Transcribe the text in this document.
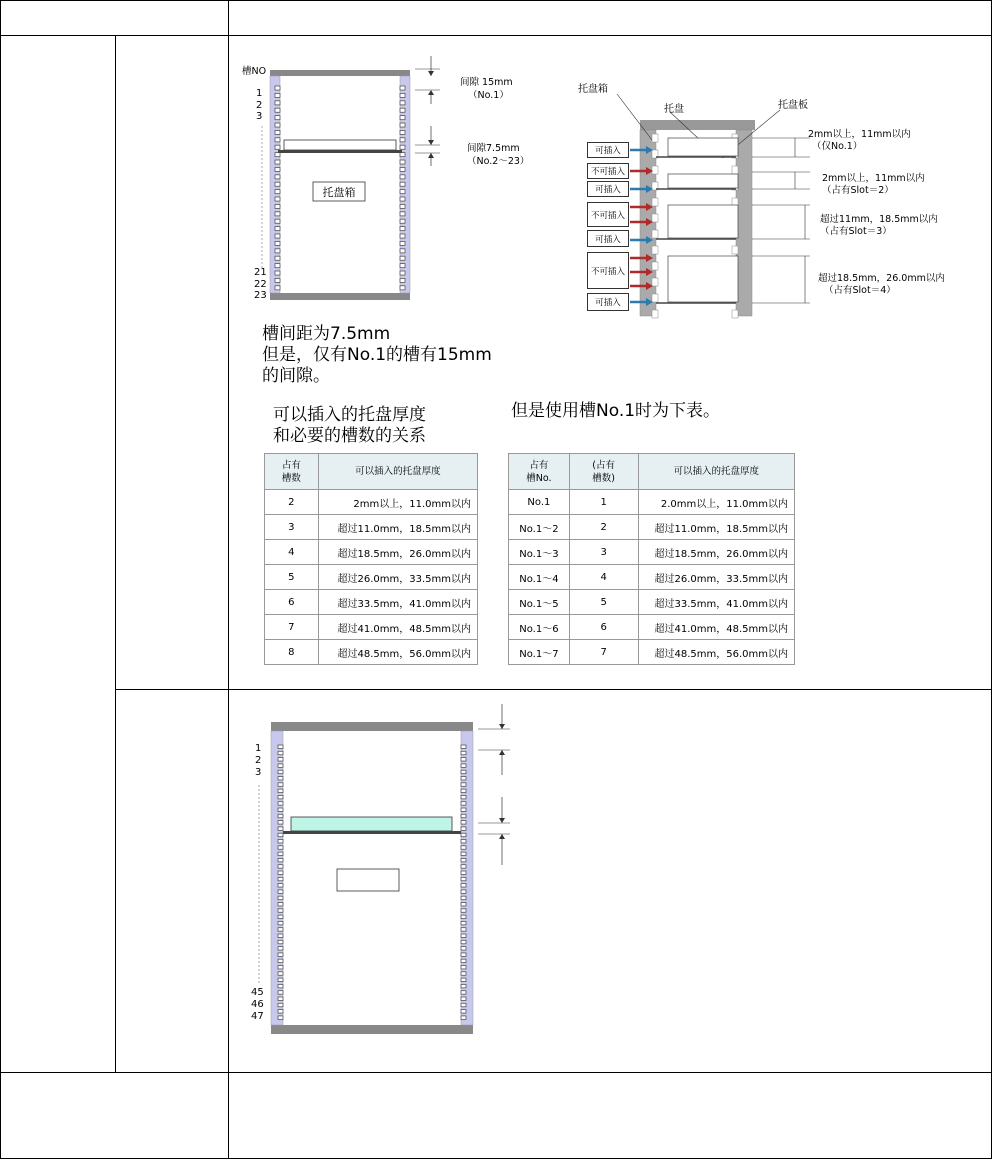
槽NO
1
2
3
21
22
23
间隙 15mm
（No.1）
间隙7.5mm
（No.2～23）
托盘箱
托盘箱
托盘	托盘板
可插入
不可插入
可插入
不可插入
可插入
不可插入
可插入
2mm以上，11mm以内
（仅No.1）
2mm以上，11mm以内
（占有Slot＝2）
超过11mm，18.5mm以内
（占有Slot＝3）
超过18.5mm，26.0mm以内
（占有Slot＝4）
槽间距为7.5mm
但是，仅有No.1的槽有15mm
的间隙。
可以插入的托盘厚度
和必要的槽数的关系
但是使用槽No.1时为下表。
占有
槽数	可以插入的托盘厚度
2	2mm以上，11.0mm以内
3	超过11.0mm，18.5mm以内
4	超过18.5mm，26.0mm以内
5	超过26.0mm，33.5mm以内
6	超过33.5mm，41.0mm以内
7	超过41.0mm，48.5mm以内
8	超过48.5mm，56.0mm以内
占有
槽No.	(占有
槽数)	可以插入的托盘厚度
No.1	1	2.0mm以上，11.0mm以内
No.1～2	2	超过11.0mm，18.5mm以内
No.1～3	3	超过18.5mm，26.0mm以内
No.1～4	4	超过26.0mm，33.5mm以内
No.1～5	5	超过33.5mm，41.0mm以内
No.1～6	6	超过41.0mm，48.5mm以内
No.1～7	7	超过48.5mm，56.0mm以内
1
2
3
45
46
47
